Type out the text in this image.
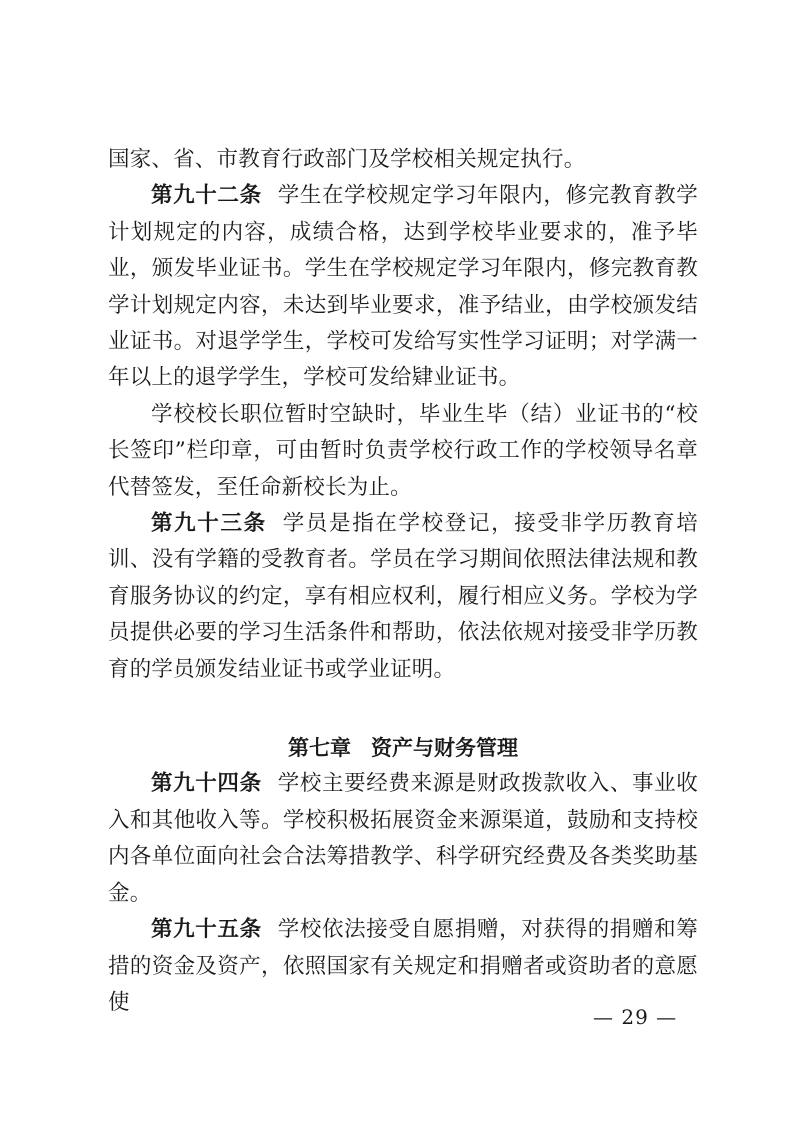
国家、省、市教育行政部门及学校相关规定执行。

第九十二条 学生在学校规定学习年限内，修完教育教学计划规定的内容，成绩合格，达到学校毕业要求的，准予毕业，颁发毕业证书。学生在学校规定学习年限内，修完教育教学计划规定内容，未达到毕业要求，准予结业，由学校颁发结业证书。对退学学生，学校可发给写实性学习证明；对学满一年以上的退学学生，学校可发给肄业证书。

学校校长职位暂时空缺时，毕业生毕（结）业证书的“校长签印”栏印章，可由暂时负责学校行政工作的学校领导名章代替签发，至任命新校长为止。

第九十三条 学员是指在学校登记，接受非学历教育培训、没有学籍的受教育者。学员在学习期间依照法律法规和教育服务协议的约定，享有相应权利，履行相应义务。学校为学员提供必要的学习生活条件和帮助，依法依规对接受非学历教育的学员颁发结业证书或学业证明。

第七章 资产与财务管理

第九十四条 学校主要经费来源是财政拨款收入、事业收入和其他收入等。学校积极拓展资金来源渠道，鼓励和支持校内各单位面向社会合法筹措教学、科学研究经费及各类奖助基金。

第九十五条 学校依法接受自愿捐赠，对获得的捐赠和筹措的资金及资产，依照国家有关规定和捐赠者或资助者的意愿使

— 29 —
